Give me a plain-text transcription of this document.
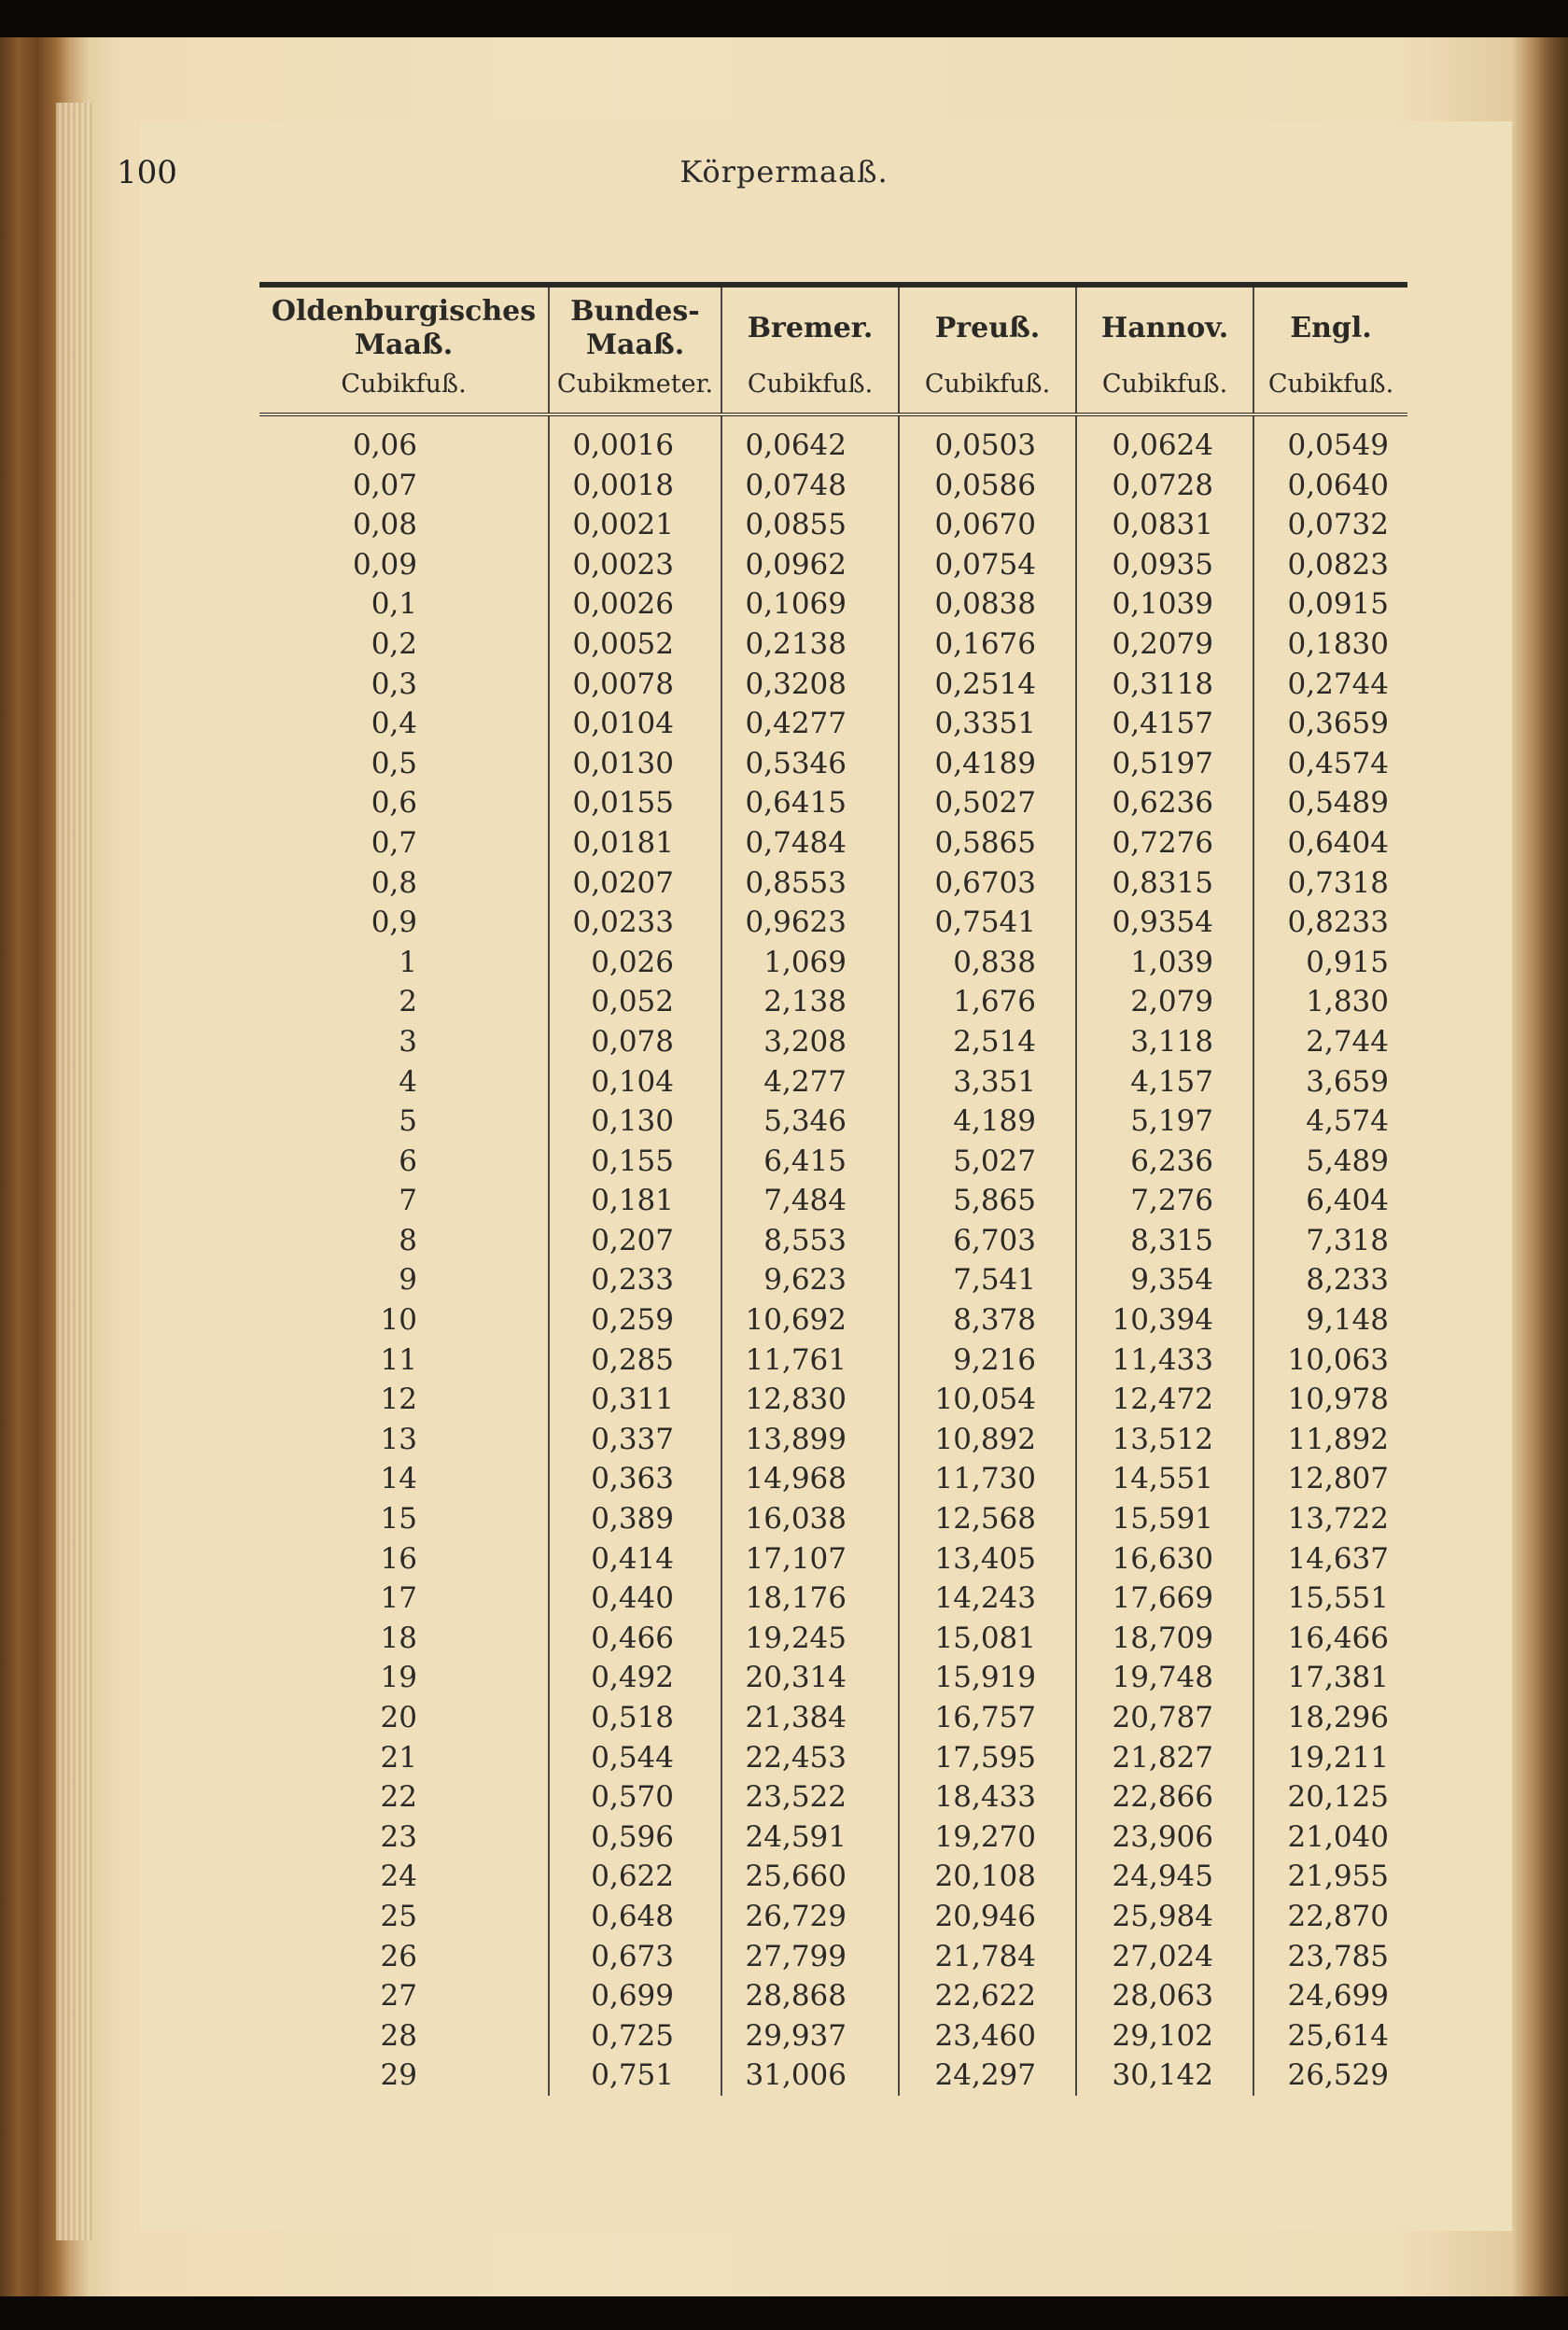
100	Körpermaaß.
Oldenburgisches Maaß.	Bundes-Maaß.	Bremer.	Preuß.	Hannov.	Engl.
Cubikfuß.	Cubikmeter.	Cubikfuß.	Cubikfuß.	Cubikfuß.	Cubikfuß.
0,06	0,0016	0,0642	0,0503	0,0624	0,0549
0,07	0,0018	0,0748	0,0586	0,0728	0,0640
0,08	0,0021	0,0855	0,0670	0,0831	0,0732
0,09	0,0023	0,0962	0,0754	0,0935	0,0823
0,1	0,0026	0,1069	0,0838	0,1039	0,0915
0,2	0,0052	0,2138	0,1676	0,2079	0,1830
0,3	0,0078	0,3208	0,2514	0,3118	0,2744
0,4	0,0104	0,4277	0,3351	0,4157	0,3659
0,5	0,0130	0,5346	0,4189	0,5197	0,4574
0,6	0,0155	0,6415	0,5027	0,6236	0,5489
0,7	0,0181	0,7484	0,5865	0,7276	0,6404
0,8	0,0207	0,8553	0,6703	0,8315	0,7318
0,9	0,0233	0,9623	0,7541	0,9354	0,8233
1	0,026	1,069	0,838	1,039	0,915
2	0,052	2,138	1,676	2,079	1,830
3	0,078	3,208	2,514	3,118	2,744
4	0,104	4,277	3,351	4,157	3,659
5	0,130	5,346	4,189	5,197	4,574
6	0,155	6,415	5,027	6,236	5,489
7	0,181	7,484	5,865	7,276	6,404
8	0,207	8,553	6,703	8,315	7,318
9	0,233	9,623	7,541	9,354	8,233
10	0,259	10,692	8,378	10,394	9,148
11	0,285	11,761	9,216	11,433	10,063
12	0,311	12,830	10,054	12,472	10,978
13	0,337	13,899	10,892	13,512	11,892
14	0,363	14,968	11,730	14,551	12,807
15	0,389	16,038	12,568	15,591	13,722
16	0,414	17,107	13,405	16,630	14,637
17	0,440	18,176	14,243	17,669	15,551
18	0,466	19,245	15,081	18,709	16,466
19	0,492	20,314	15,919	19,748	17,381
20	0,518	21,384	16,757	20,787	18,296
21	0,544	22,453	17,595	21,827	19,211
22	0,570	23,522	18,433	22,866	20,125
23	0,596	24,591	19,270	23,906	21,040
24	0,622	25,660	20,108	24,945	21,955
25	0,648	26,729	20,946	25,984	22,870
26	0,673	27,799	21,784	27,024	23,785
27	0,699	28,868	22,622	28,063	24,699
28	0,725	29,937	23,460	29,102	25,614
29	0,751	31,006	24,297	30,142	26,529
